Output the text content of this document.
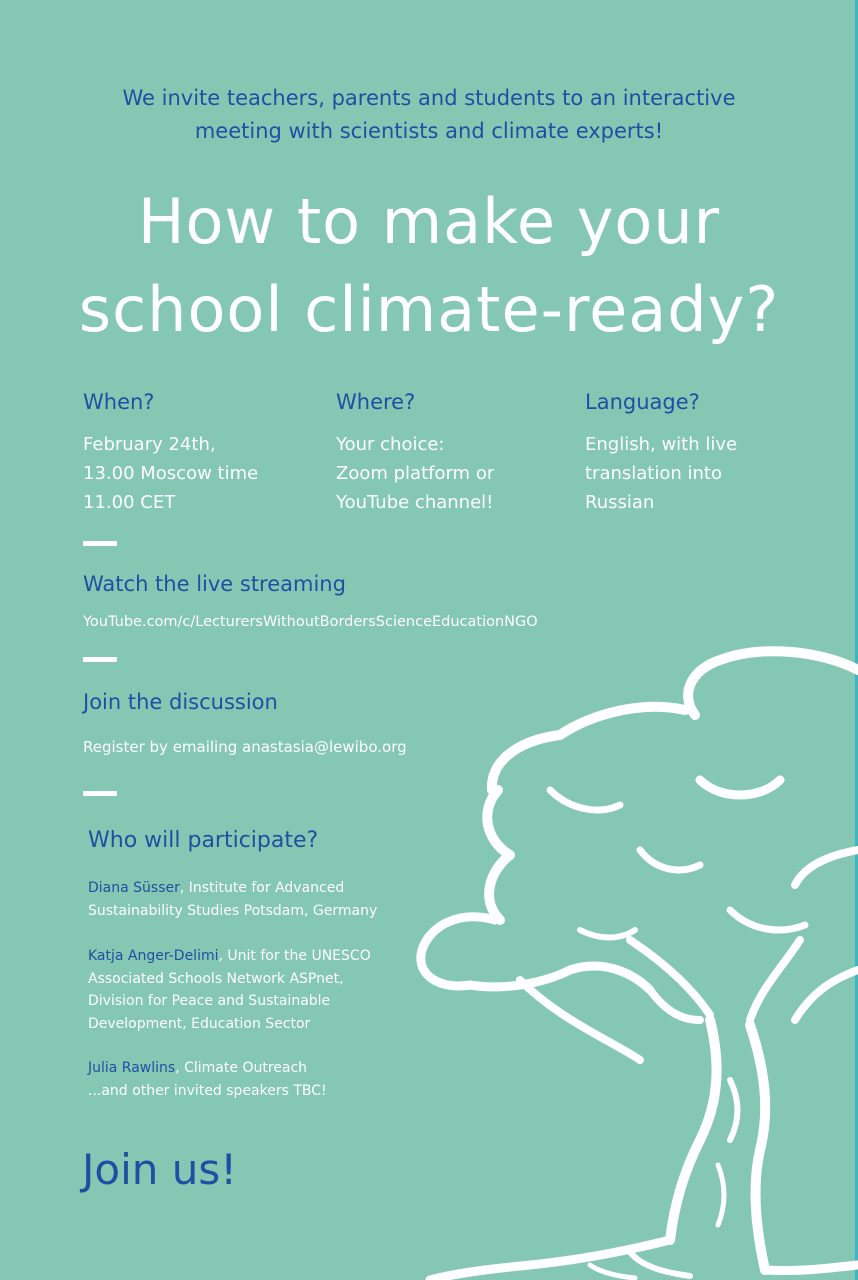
We invite teachers, parents and students to an interactive
meeting with scientists and climate experts!
How to make your
school climate-ready?
When?
February 24th,
13.00 Moscow time
11.00 CET
Where?
Your choice:
Zoom platform or
YouTube channel!
Language?
English, with live
translation into
Russian
Watch the live streaming
YouTube.com/c/LecturersWithoutBordersScienceEducationNGO
Join the discussion
Register by emailing anastasia@lewibo.org
Who will participate?
Diana Süsser, Institute for Advanced
Sustainability Studies Potsdam, Germany
Katja Anger-Delimi, Unit for the UNESCO
Associated Schools Network ASPnet,
Division for Peace and Sustainable
Development, Education Sector
Julia Rawlins, Climate Outreach
...and other invited speakers TBC!
Join us!
